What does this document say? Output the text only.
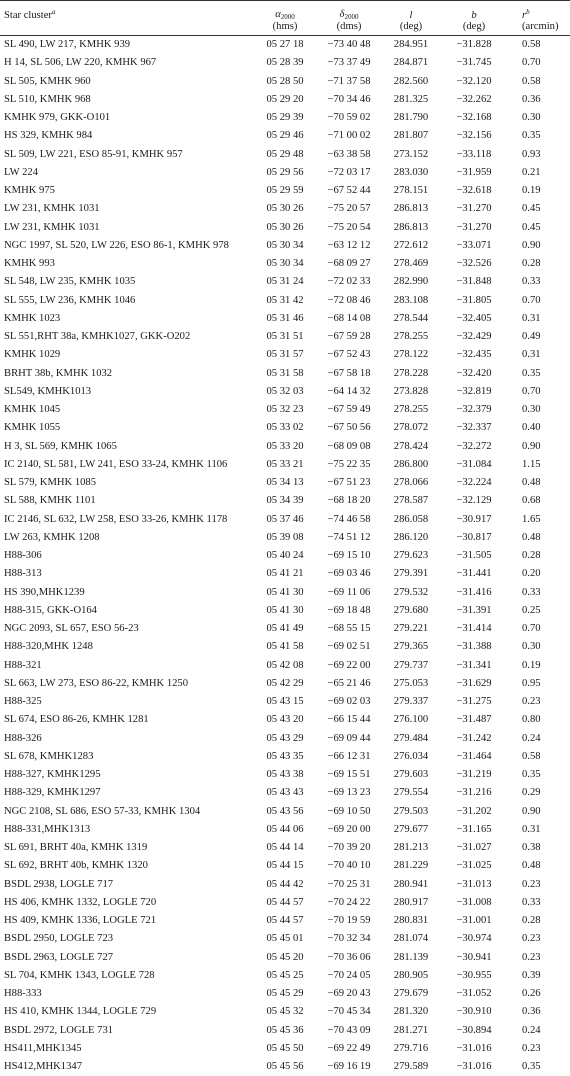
Star cluster$^a$	$\alpha_{2000}$	$\delta_{2000}$	l	b	$r^b$
	(hms)	(dms)	(deg)	(deg)	(arcmin)
SL 490, LW 217, KMHK 939	05 27 18	−73 40 48	284.951	−31.828	0.58
H 14, SL 506, LW 220, KMHK 967	05 28 39	−73 37 49	284.871	−31.745	0.70
SL 505, KMHK 960	05 28 50	−71 37 58	282.560	−32.120	0.58
SL 510, KMHK 968	05 29 20	−70 34 46	281.325	−32.262	0.36
KMHK 979, GKK-O101	05 29 39	−70 59 02	281.790	−32.168	0.30
HS 329, KMHK 984	05 29 46	−71 00 02	281.807	−32.156	0.35
SL 509, LW 221, ESO 85-91, KMHK 957	05 29 48	−63 38 58	273.152	−33.118	0.93
LW 224	05 29 56	−72 03 17	283.030	−31.959	0.21
KMHK 975	05 29 59	−67 52 44	278.151	−32.618	0.19
LW 231, KMHK 1031	05 30 26	−75 20 57	286.813	−31.270	0.45
LW 231, KMHK 1031	05 30 26	−75 20 54	286.813	−31.270	0.45
NGC 1997, SL 520, LW 226, ESO 86-1, KMHK 978	05 30 34	−63 12 12	272.612	−33.071	0.90
KMHK 993	05 30 34	−68 09 27	278.469	−32.526	0.28
SL 548, LW 235, KMHK 1035	05 31 24	−72 02 33	282.990	−31.848	0.33
SL 555, LW 236, KMHK 1046	05 31 42	−72 08 46	283.108	−31.805	0.70
KMHK 1023	05 31 46	−68 14 08	278.544	−32.405	0.31
SL 551,RHT 38a, KMHK1027, GKK-O202	05 31 51	−67 59 28	278.255	−32.429	0.49
KMHK 1029	05 31 57	−67 52 43	278.122	−32.435	0.31
BRHT 38b, KMHK 1032	05 31 58	−67 58 18	278.228	−32.420	0.35
SL549, KMHK1013	05 32 03	−64 14 32	273.828	−32.819	0.70
KMHK 1045	05 32 23	−67 59 49	278.255	−32.379	0.30
KMHK 1055	05 33 02	−67 50 56	278.072	−32.337	0.40
H 3, SL 569, KMHK 1065	05 33 20	−68 09 08	278.424	−32.272	0.90
IC 2140, SL 581, LW 241, ESO 33-24, KMHK 1106	05 33 21	−75 22 35	286.800	−31.084	1.15
SL 579, KMHK 1085	05 34 13	−67 51 23	278.066	−32.224	0.48
SL 588, KMHK 1101	05 34 39	−68 18 20	278.587	−32.129	0.68
IC 2146, SL 632, LW 258, ESO 33-26, KMHK 1178	05 37 46	−74 46 58	286.058	−30.917	1.65
LW 263, KMHK 1208	05 39 08	−74 51 12	286.120	−30.817	0.48
H88-306	05 40 24	−69 15 10	279.623	−31.505	0.28
H88-313	05 41 21	−69 03 46	279.391	−31.441	0.20
HS 390,MHK1239	05 41 30	−69 11 06	279.532	−31.416	0.33
H88-315, GKK-O164	05 41 30	−69 18 48	279.680	−31.391	0.25
NGC 2093, SL 657, ESO 56-23	05 41 49	−68 55 15	279.221	−31.414	0.70
H88-320,MHK 1248	05 41 58	−69 02 51	279.365	−31.388	0.30
H88-321	05 42 08	−69 22 00	279.737	−31.341	0.19
SL 663, LW 273, ESO 86-22, KMHK 1250	05 42 29	−65 21 46	275.053	−31.629	0.95
H88-325	05 43 15	−69 02 03	279.337	−31.275	0.23
SL 674, ESO 86-26, KMHK 1281	05 43 20	−66 15 44	276.100	−31.487	0.80
H88-326	05 43 29	−69 09 44	279.484	−31.242	0.24
SL 678, KMHK1283	05 43 35	−66 12 31	276.034	−31.464	0.58
H88-327, KMHK1295	05 43 38	−69 15 51	279.603	−31.219	0.35
H88-329, KMHK1297	05 43 43	−69 13 23	279.554	−31.216	0.29
NGC 2108, SL 686, ESO 57-33, KMHK 1304	05 43 56	−69 10 50	279.503	−31.202	0.90
H88-331,MHK1313	05 44 06	−69 20 00	279.677	−31.165	0.31
SL 691, BRHT 40a, KMHK 1319	05 44 14	−70 39 20	281.213	−31.027	0.38
SL 692, BRHT 40b, KMHK 1320	05 44 15	−70 40 10	281.229	−31.025	0.48
BSDL 2938, LOGLE 717	05 44 42	−70 25 31	280.941	−31.013	0.23
HS 406, KMHK 1332, LOGLE 720	05 44 57	−70 24 22	280.917	−31.008	0.33
HS 409, KMHK 1336, LOGLE 721	05 44 57	−70 19 59	280.831	−31.001	0.28
BSDL 2950, LOGLE 723	05 45 01	−70 32 34	281.074	−30.974	0.23
BSDL 2963, LOGLE 727	05 45 20	−70 36 06	281.139	−30.941	0.23
SL 704, KMHK 1343, LOGLE 728	05 45 25	−70 24 05	280.905	−30.955	0.39
H88-333	05 45 29	−69 20 43	279.679	−31.052	0.26
HS 410, KMHK 1344, LOGLE 729	05 45 32	−70 45 34	281.320	−30.910	0.36
BSDL 2972, LOGLE 731	05 45 36	−70 43 09	281.271	−30.894	0.24
HS411,MHK1345	05 45 50	−69 22 49	279.716	−31.016	0.23
HS412,MHK1347	05 45 56	−69 16 19	279.589	−31.016	0.35
